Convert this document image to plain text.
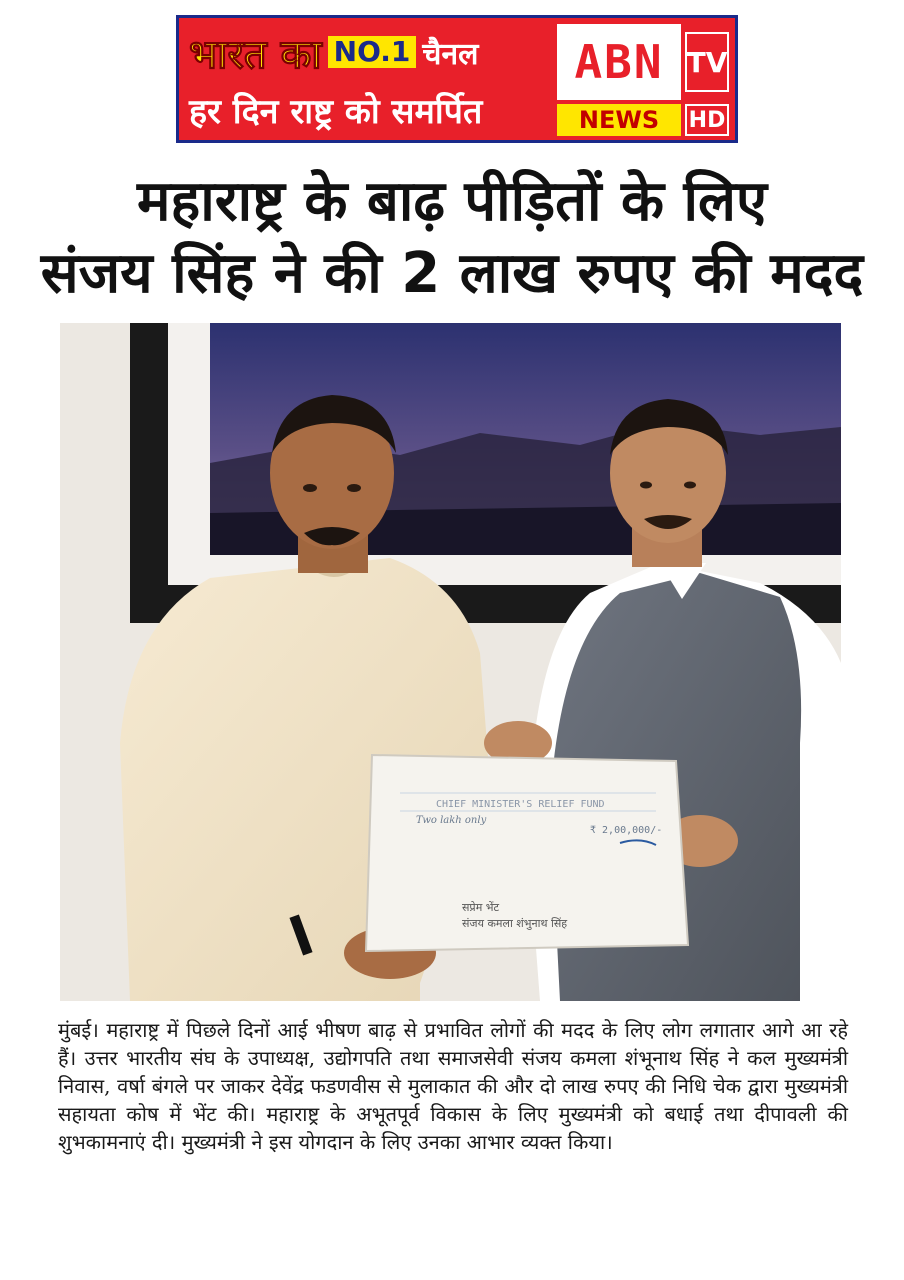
भारत का NO.1 चैनल
हर दिन राष्ट्र को समर्पित
ABN TV
NEWS	HD
महाराष्ट्र के बाढ़ पीड़ितों के लिए
संजय सिंह ने की 2 लाख रुपए की मदद
CHIEF MINISTER'S RELIEF FUND
Two lakh only
₹ 2,00,000/-
सप्रेम भेंट
संजय कमला शंभुनाथ सिंह
मुंबई। महाराष्ट्र में पिछले दिनों आई भीषण बाढ़ से प्रभावित लोगों की मदद के लिए लोग लगातार आगे आ रहे हैं। उत्तर भारतीय संघ के उपाध्यक्ष, उद्योगपति तथा समाजसेवी संजय कमला शंभूनाथ सिंह ने कल मुख्यमंत्री निवास, वर्षा बंगले पर जाकर देवेंद्र फडणवीस से मुलाकात की और दो लाख रुपए की निधि चेक द्वारा मुख्यमंत्री सहायता कोष में भेंट की। महाराष्ट्र के अभूतपूर्व विकास के लिए मुख्यमंत्री को बधाई तथा दीपावली की शुभकामनाएं दी। मुख्यमंत्री ने इस योगदान के लिए उनका आभार व्यक्त किया।
